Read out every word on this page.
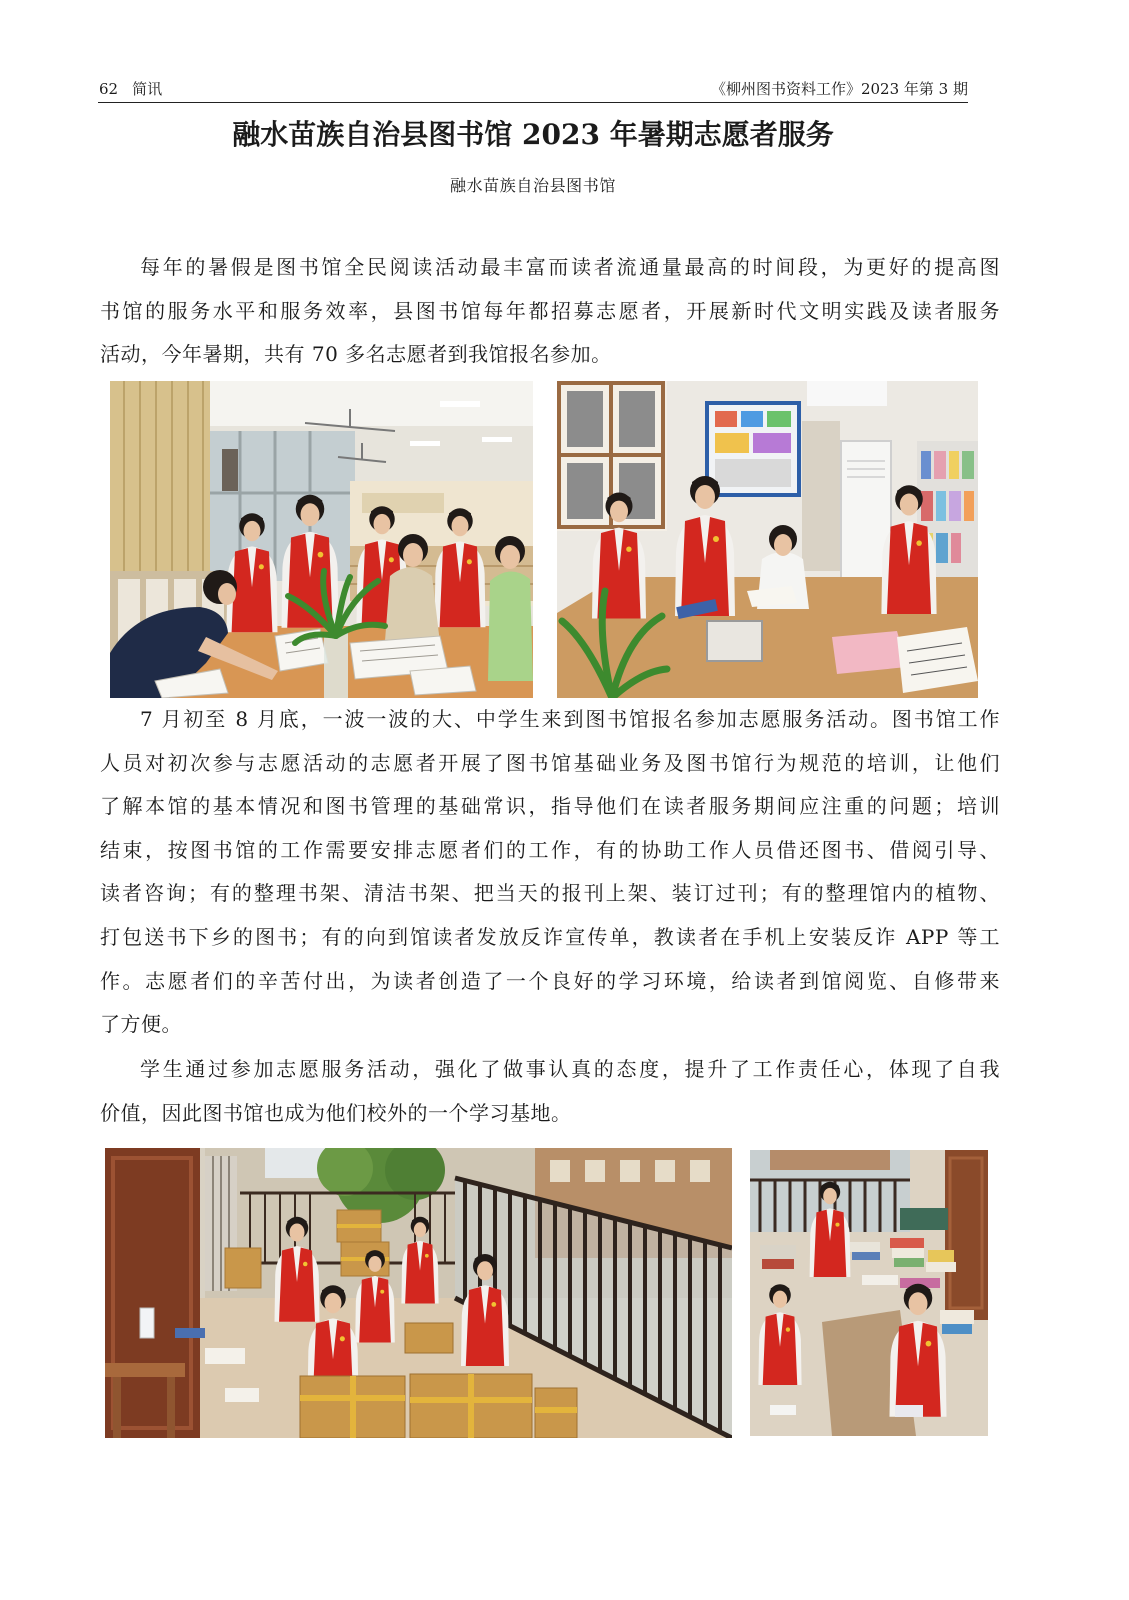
62 简讯	《柳州图书资料工作》2023 年第 3 期
融水苗族自治县图书馆 2023 年暑期志愿者服务
融水苗族自治县图书馆
每年的暑假是图书馆全民阅读活动最丰富而读者流通量最高的时间段，为更好的提高图
书馆的服务水平和服务效率，县图书馆每年都招募志愿者，开展新时代文明实践及读者服务
活动，今年暑期，共有 70 多名志愿者到我馆报名参加。
7 月初至 8 月底，一波一波的大、中学生来到图书馆报名参加志愿服务活动。图书馆工作
人员对初次参与志愿活动的志愿者开展了图书馆基础业务及图书馆行为规范的培训，让他们
了解本馆的基本情况和图书管理的基础常识，指导他们在读者服务期间应注重的问题；培训
结束，按图书馆的工作需要安排志愿者们的工作，有的协助工作人员借还图书、借阅引导、
读者咨询；有的整理书架、清洁书架、把当天的报刊上架、装订过刊；有的整理馆内的植物、
打包送书下乡的图书；有的向到馆读者发放反诈宣传单，教读者在手机上安装反诈 APP 等工
作。志愿者们的辛苦付出，为读者创造了一个良好的学习环境，给读者到馆阅览、自修带来
了方便。
学生通过参加志愿服务活动，强化了做事认真的态度，提升了工作责任心，体现了自我
价值，因此图书馆也成为他们校外的一个学习基地。
